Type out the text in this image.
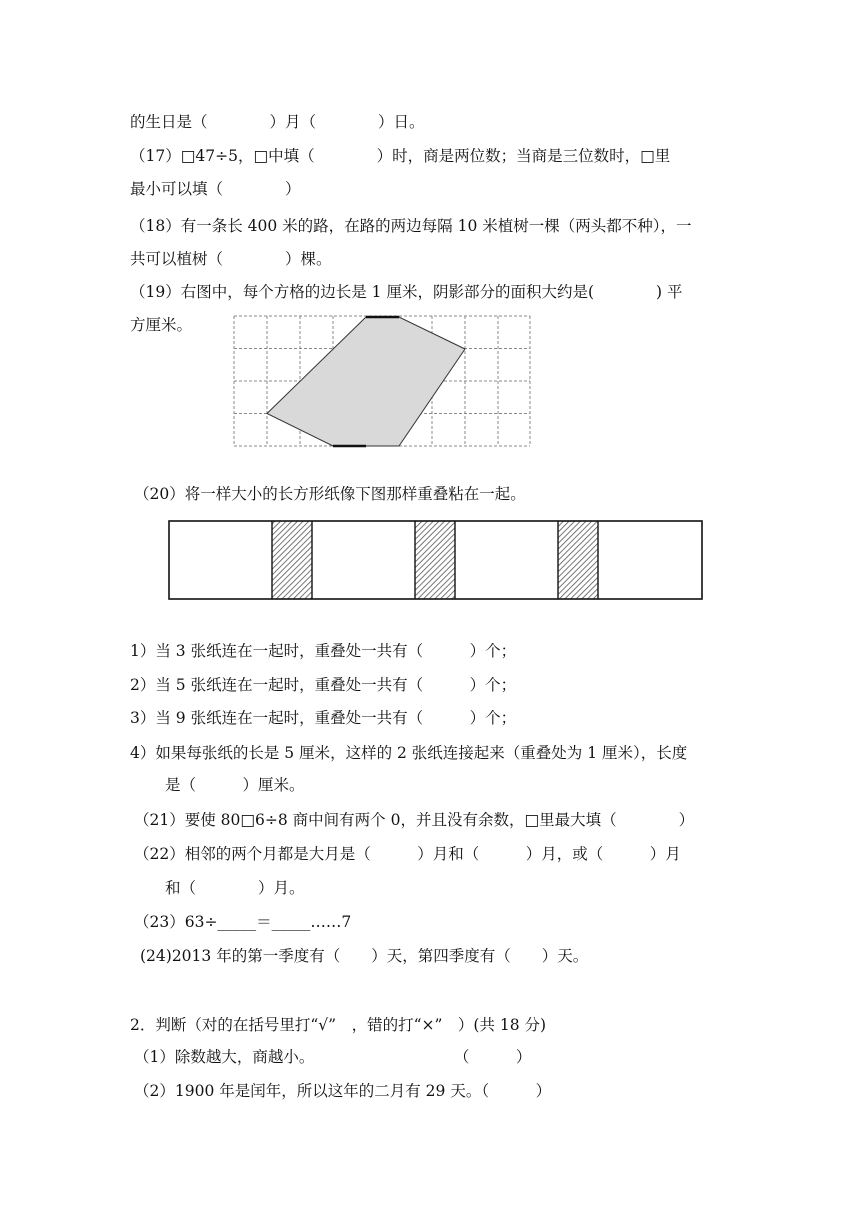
的生日是（　　　　）月（　　　　）日。
（17）□47÷5，□中填（　　　　）时，商是两位数；当商是三位数时，□里
最小可以填（　　　　）
（18）有一条长 400 米的路，在路的两边每隔 10 米植树一棵（两头都不种），一
共可以植树（　　　　）棵。
（19）右图中，每个方格的边长是 1 厘米，阴影部分的面积大约是(　　　　) 平
方厘米。
（20）将一样大小的长方形纸像下图那样重叠粘在一起。
1）当 3 张纸连在一起时，重叠处一共有（　　　）个；
2）当 5 张纸连在一起时，重叠处一共有（　　　）个；
3）当 9 张纸连在一起时，重叠处一共有（　　　）个；
4）如果每张纸的长是 5 厘米，这样的 2 张纸连接起来（重叠处为 1 厘米），长度
是（　　　）厘米。
（21）要使 80□6÷8 商中间有两个 0，并且没有余数，□里最大填（　　　　）
（22）相邻的两个月都是大月是（　　　）月和（　　　）月，或（　　　）月
和（　　　　）月。
（23）63÷_____＝_____……7
(24)2013 年的第一季度有（　　）天，第四季度有（　　）天。
2．判断（对的在括号里打“√”　，错的打“×”　）(共 18 分)
（1）除数越大，商越小。　　　　　　　　　　（　　　）
（2）1900 年是闰年，所以这年的二月有 29 天。（　　　）
